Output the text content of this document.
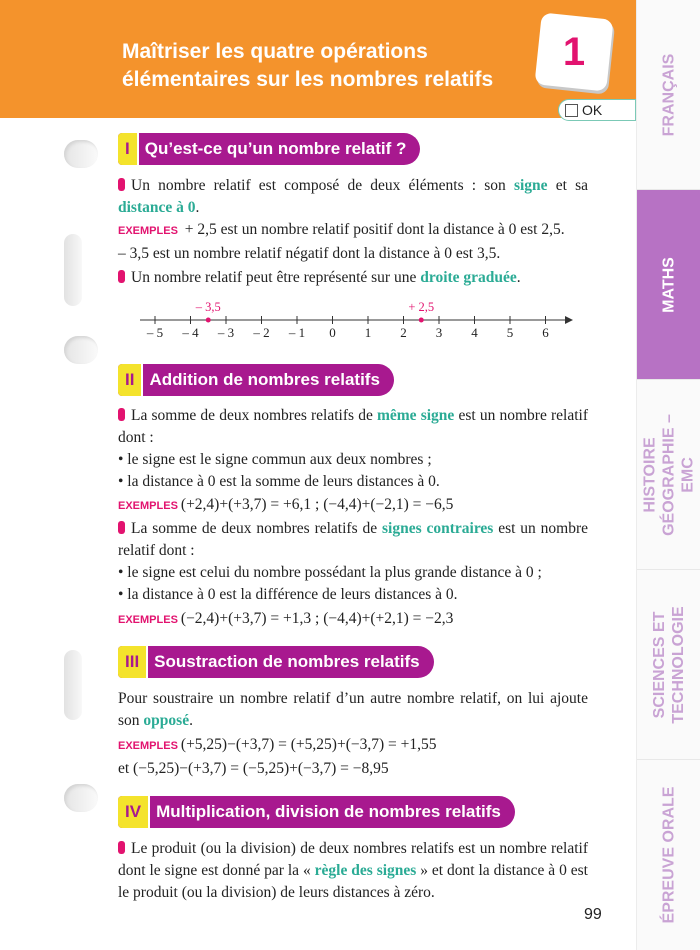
Maîtriser les quatre opérations élémentaires sur les nombres relatifs
1
OK	FRANÇAIS
MATHS
HISTOIRE GÉOGRAPHIE – EMC
SCIENCES ET TECHNOLOGIE
ÉPREUVE ORALE
I Qu’est-ce qu’un nombre relatif ?
Un nombre relatif est composé de deux éléments : son signe et sa distance à 0.
EXEMPLES + 2,5 est un nombre relatif positif dont la distance à 0 est 2,5.
– 3,5 est un nombre relatif négatif dont la distance à 0 est 3,5.
Un nombre relatif peut être représenté sur une droite graduée.
– 5 – 4 – 3 – 2 – 1 0 1 2 3 4 5 6
– 3,5	+ 2,5
II Addition de nombres relatifs
La somme de deux nombres relatifs de même signe est un nombre relatif dont :
• le signe est le signe commun aux deux nombres ;
• la distance à 0 est la somme de leurs distances à 0.
EXEMPLES (+2,4)+(+3,7) = +6,1 ; (−4,4)+(−2,1) = −6,5
La somme de deux nombres relatifs de signes contraires est un nombre relatif dont :
• le signe est celui du nombre possédant la plus grande distance à 0 ;
• la distance à 0 est la différence de leurs distances à 0.
EXEMPLES (−2,4)+(+3,7) = +1,3 ; (−4,4)+(+2,1) = −2,3
III Soustraction de nombres relatifs
Pour soustraire un nombre relatif d’un autre nombre relatif, on lui ajoute son opposé.
EXEMPLES (+5,25)−(+3,7) = (+5,25)+(−3,7) = +1,55
et (−5,25)−(+3,7) = (−5,25)+(−3,7) = −8,95
IV Multiplication, division de nombres relatifs
Le produit (ou la division) de deux nombres relatifs est un nombre relatif dont le signe est donné par la « règle des signes » et dont la distance à 0 est le produit (ou la division) de leurs distances à zéro.
99
